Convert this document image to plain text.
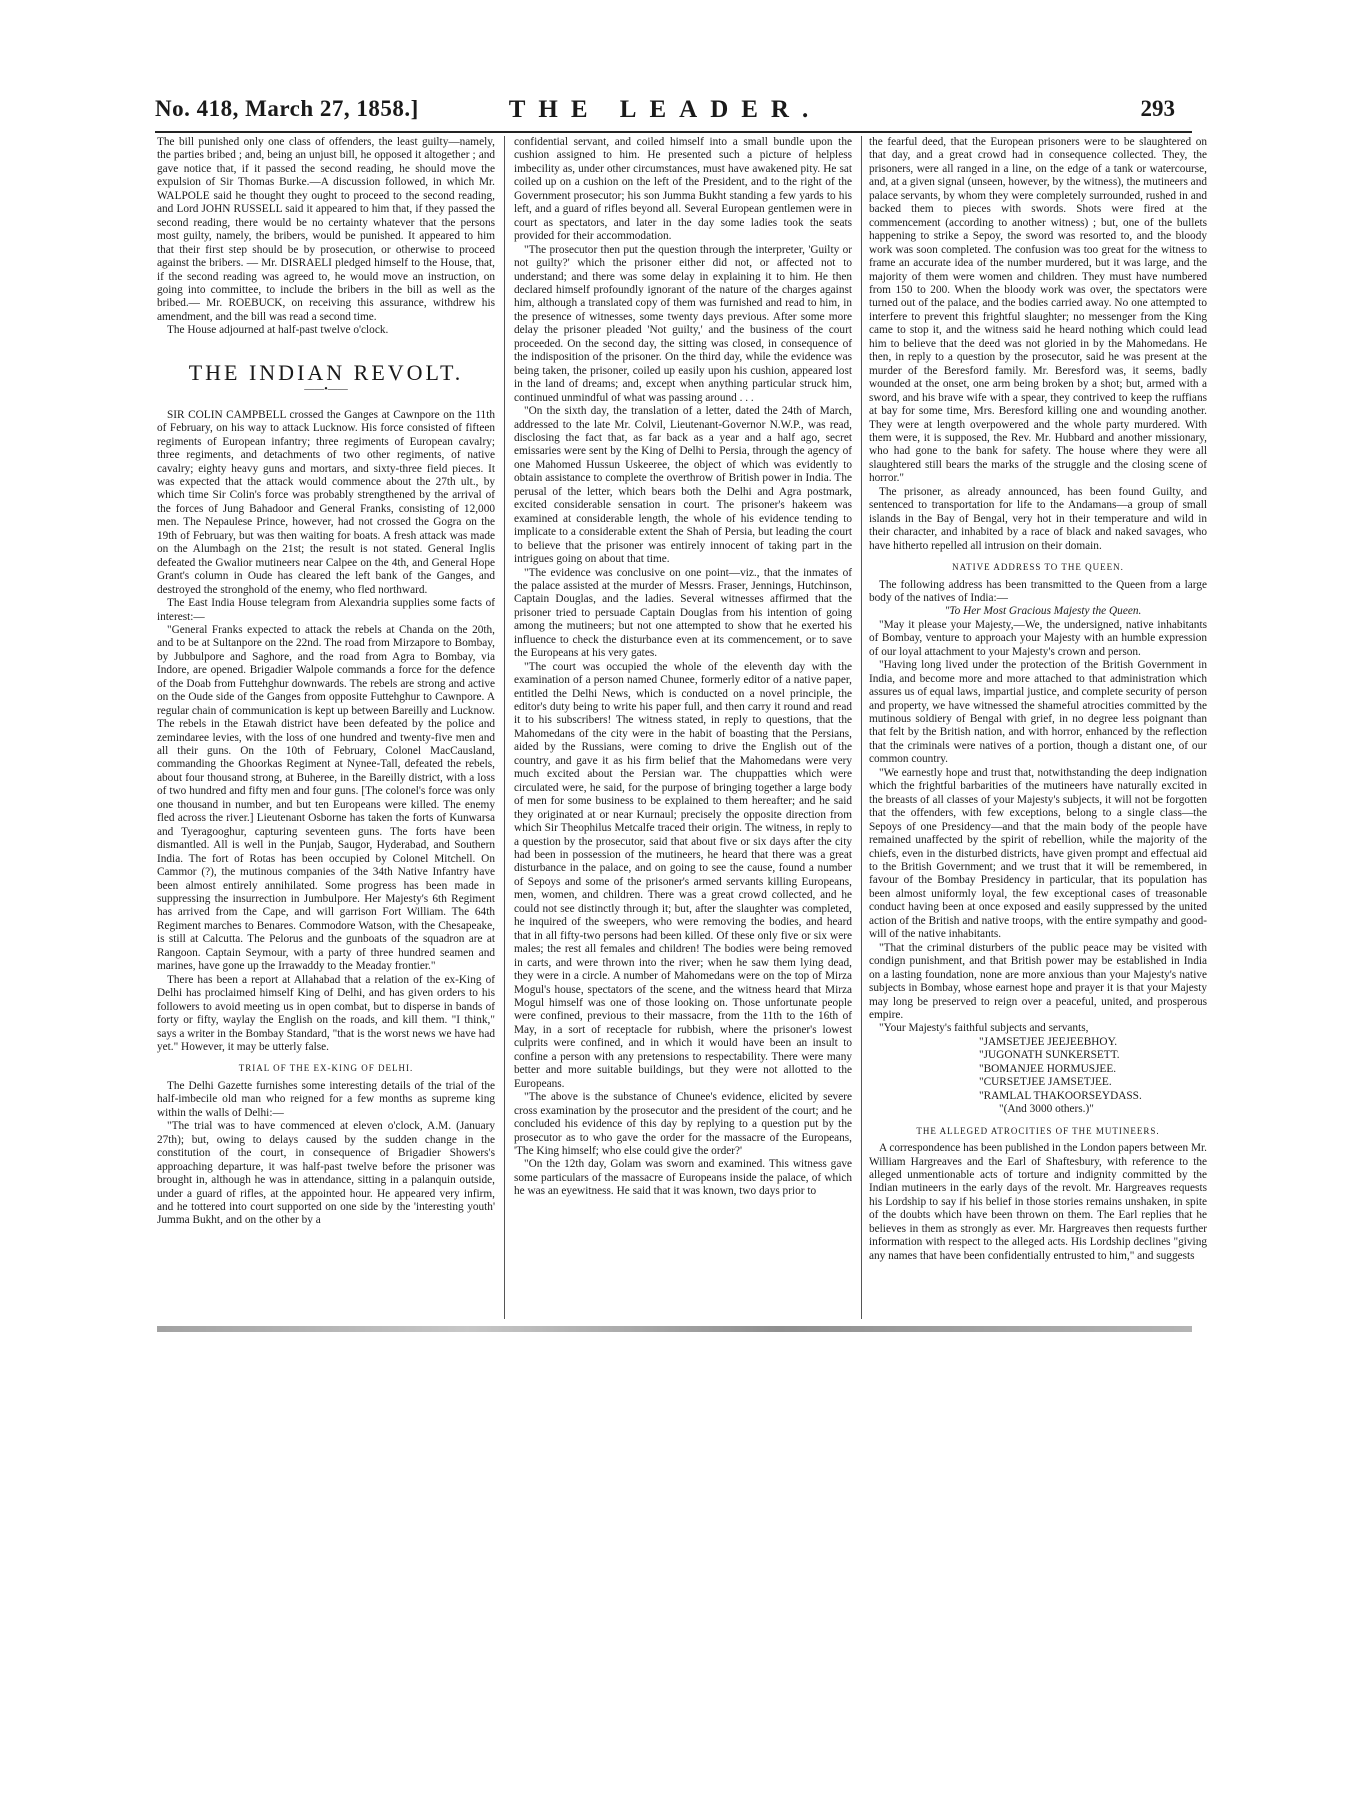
No. 418, March 27, 1858.]	THE LEADER.	293

The bill punished only one class of offenders, the least guilty—namely, the parties bribed ; and, being an unjust bill, he opposed it altogether ; and gave notice that, if it passed the second reading, he should move the expulsion of Sir Thomas Burke.—A discussion followed, in which Mr. WALPOLE said he thought they ought to proceed to the second reading, and Lord JOHN RUSSELL said it appeared to him that, if they passed the second reading, there would be no certainty whatever that the persons most guilty, namely, the bribers, would be punished. It appeared to him that their first step should be by prosecution, or otherwise to proceed against the bribers. — Mr. DISRAELI pledged himself to the House, that, if the second reading was agreed to, he would move an instruction, on going into committee, to include the bribers in the bill as well as the bribed.— Mr. ROEBUCK, on receiving this assurance, withdrew his amendment, and the bill was read a second time.

The House adjourned at half-past twelve o'clock.

THE INDIAN REVOLT.
——•——

SIR COLIN CAMPBELL crossed the Ganges at Cawnpore on the 11th of February, on his way to attack Lucknow. His force consisted of fifteen regiments of European infantry; three regiments of European cavalry; three regiments, and detachments of two other regiments, of native cavalry; eighty heavy guns and mortars, and sixty-three field pieces. It was expected that the attack would commence about the 27th ult., by which time Sir Colin's force was probably strengthened by the arrival of the forces of Jung Bahadoor and General Franks, consisting of 12,000 men. The Nepaulese Prince, however, had not crossed the Gogra on the 19th of February, but was then waiting for boats. A fresh attack was made on the Alumbagh on the 21st; the result is not stated. General Inglis defeated the Gwalior mutineers near Calpee on the 4th, and General Hope Grant's column in Oude has cleared the left bank of the Ganges, and destroyed the stronghold of the enemy, who fled northward.

The East India House telegram from Alexandria supplies some facts of interest:—

"General Franks expected to attack the rebels at Chanda on the 20th, and to be at Sultanpore on the 22nd. The road from Mirzapore to Bombay, by Jubbulpore and Saghore, and the road from Agra to Bombay, via Indore, are opened. Brigadier Walpole commands a force for the defence of the Doab from Futtehghur downwards. The rebels are strong and active on the Oude side of the Ganges from opposite Futtehghur to Cawnpore. A regular chain of communication is kept up between Bareilly and Lucknow. The rebels in the Etawah district have been defeated by the police and zemindaree levies, with the loss of one hundred and twenty-five men and all their guns. On the 10th of February, Colonel MacCausland, commanding the Ghoorkas Regiment at Nynee-Tall, defeated the rebels, about four thousand strong, at Buheree, in the Bareilly district, with a loss of two hundred and fifty men and four guns. [The colonel's force was only one thousand in number, and but ten Europeans were killed. The enemy fled across the river.] Lieutenant Osborne has taken the forts of Kunwarsa and Tyeragooghur, capturing seventeen guns. The forts have been dismantled. All is well in the Punjab, Saugor, Hyderabad, and Southern India. The fort of Rotas has been occupied by Colonel Mitchell. On Cammor (?), the mutinous companies of the 34th Native Infantry have been almost entirely annihilated. Some progress has been made in suppressing the insurrection in Jumbulpore. Her Majesty's 6th Regiment has arrived from the Cape, and will garrison Fort William. The 64th Regiment marches to Benares. Commodore Watson, with the Chesapeake, is still at Calcutta. The Pelorus and the gunboats of the squadron are at Rangoon. Captain Seymour, with a party of three hundred seamen and marines, have gone up the Irrawaddy to the Meaday frontier."

There has been a report at Allahabad that a relation of the ex-King of Delhi has proclaimed himself King of Delhi, and has given orders to his followers to avoid meeting us in open combat, but to disperse in bands of forty or fifty, waylay the English on the roads, and kill them. "I think," says a writer in the Bombay Standard, "that is the worst news we have had yet." However, it may be utterly false.

TRIAL OF THE EX-KING OF DELHI.

The Delhi Gazette furnishes some interesting details of the trial of the half-imbecile old man who reigned for a few months as supreme king within the walls of Delhi:—

"The trial was to have commenced at eleven o'clock, A.M. (January 27th); but, owing to delays caused by the sudden change in the constitution of the court, in consequence of Brigadier Showers's approaching departure, it was half-past twelve before the prisoner was brought in, although he was in attendance, sitting in a palanquin outside, under a guard of rifles, at the appointed hour. He appeared very infirm, and he tottered into court supported on one side by the 'interesting youth' Jumma Bukht, and on the other by a

confidential servant, and coiled himself into a small bundle upon the cushion assigned to him. He presented such a picture of helpless imbecility as, under other circumstances, must have awakened pity. He sat coiled up on a cushion on the left of the President, and to the right of the Government prosecutor; his son Jumma Bukht standing a few yards to his left, and a guard of rifles beyond all. Several European gentlemen were in court as spectators, and later in the day some ladies took the seats provided for their accommodation.

"The prosecutor then put the question through the interpreter, 'Guilty or not guilty?' which the prisoner either did not, or affected not to understand; and there was some delay in explaining it to him. He then declared himself profoundly ignorant of the nature of the charges against him, although a translated copy of them was furnished and read to him, in the presence of witnesses, some twenty days previous. After some more delay the prisoner pleaded 'Not guilty,' and the business of the court proceeded. On the second day, the sitting was closed, in consequence of the indisposition of the prisoner. On the third day, while the evidence was being taken, the prisoner, coiled up easily upon his cushion, appeared lost in the land of dreams; and, except when anything particular struck him, continued unmindful of what was passing around . . .

"On the sixth day, the translation of a letter, dated the 24th of March, addressed to the late Mr. Colvil, Lieutenant-Governor N.W.P., was read, disclosing the fact that, as far back as a year and a half ago, secret emissaries were sent by the King of Delhi to Persia, through the agency of one Mahomed Hussun Uskeeree, the object of which was evidently to obtain assistance to complete the overthrow of British power in India. The perusal of the letter, which bears both the Delhi and Agra postmark, excited considerable sensation in court. The prisoner's hakeem was examined at considerable length, the whole of his evidence tending to implicate to a considerable extent the Shah of Persia, but leading the court to believe that the prisoner was entirely innocent of taking part in the intrigues going on about that time.

"The evidence was conclusive on one point—viz., that the inmates of the palace assisted at the murder of Messrs. Fraser, Jennings, Hutchinson, Captain Douglas, and the ladies. Several witnesses affirmed that the prisoner tried to persuade Captain Douglas from his intention of going among the mutineers; but not one attempted to show that he exerted his influence to check the disturbance even at its commencement, or to save the Europeans at his very gates.

"The court was occupied the whole of the eleventh day with the examination of a person named Chunee, formerly editor of a native paper, entitled the Delhi News, which is conducted on a novel principle, the editor's duty being to write his paper full, and then carry it round and read it to his subscribers! The witness stated, in reply to questions, that the Mahomedans of the city were in the habit of boasting that the Persians, aided by the Russians, were coming to drive the English out of the country, and gave it as his firm belief that the Mahomedans were very much excited about the Persian war. The chuppatties which were circulated were, he said, for the purpose of bringing together a large body of men for some business to be explained to them hereafter; and he said they originated at or near Kurnaul; precisely the opposite direction from which Sir Theophilus Metcalfe traced their origin. The witness, in reply to a question by the prosecutor, said that about five or six days after the city had been in possession of the mutineers, he heard that there was a great disturbance in the palace, and on going to see the cause, found a number of Sepoys and some of the prisoner's armed servants killing Europeans, men, women, and children. There was a great crowd collected, and he could not see distinctly through it; but, after the slaughter was completed, he inquired of the sweepers, who were removing the bodies, and heard that in all fifty-two persons had been killed. Of these only five or six were males; the rest all females and children! The bodies were being removed in carts, and were thrown into the river; when he saw them lying dead, they were in a circle. A number of Mahomedans were on the top of Mirza Mogul's house, spectators of the scene, and the witness heard that Mirza Mogul himself was one of those looking on. Those unfortunate people were confined, previous to their massacre, from the 11th to the 16th of May, in a sort of receptacle for rubbish, where the prisoner's lowest culprits were confined, and in which it would have been an insult to confine a person with any pretensions to respectability. There were many better and more suitable buildings, but they were not allotted to the Europeans.

"The above is the substance of Chunee's evidence, elicited by severe cross examination by the prosecutor and the president of the court; and he concluded his evidence of this day by replying to a question put by the prosecutor as to who gave the order for the massacre of the Europeans, 'The King himself; who else could give the order?'

"On the 12th day, Golam was sworn and examined. This witness gave some particulars of the massacre of Europeans inside the palace, of which he was an eyewitness. He said that it was known, two days prior to

the fearful deed, that the European prisoners were to be slaughtered on that day, and a great crowd had in consequence collected. They, the prisoners, were all ranged in a line, on the edge of a tank or watercourse, and, at a given signal (unseen, however, by the witness), the mutineers and palace servants, by whom they were completely surrounded, rushed in and backed them to pieces with swords. Shots were fired at the commencement (according to another witness) ; but, one of the bullets happening to strike a Sepoy, the sword was resorted to, and the bloody work was soon completed. The confusion was too great for the witness to frame an accurate idea of the number murdered, but it was large, and the majority of them were women and children. They must have numbered from 150 to 200. When the bloody work was over, the spectators were turned out of the palace, and the bodies carried away. No one attempted to interfere to prevent this frightful slaughter; no messenger from the King came to stop it, and the witness said he heard nothing which could lead him to believe that the deed was not gloried in by the Mahomedans. He then, in reply to a question by the prosecutor, said he was present at the murder of the Beresford family. Mr. Beresford was, it seems, badly wounded at the onset, one arm being broken by a shot; but, armed with a sword, and his brave wife with a spear, they contrived to keep the ruffians at bay for some time, Mrs. Beresford killing one and wounding another. They were at length overpowered and the whole party murdered. With them were, it is supposed, the Rev. Mr. Hubbard and another missionary, who had gone to the bank for safety. The house where they were all slaughtered still bears the marks of the struggle and the closing scene of horror."

The prisoner, as already announced, has been found Guilty, and sentenced to transportation for life to the Andamans—a group of small islands in the Bay of Bengal, very hot in their temperature and wild in their character, and inhabited by a race of black and naked savages, who have hitherto repelled all intrusion on their domain.

NATIVE ADDRESS TO THE QUEEN.

The following address has been transmitted to the Queen from a large body of the natives of India:—

"To Her Most Gracious Majesty the Queen.

"May it please your Majesty,—We, the undersigned, native inhabitants of Bombay, venture to approach your Majesty with an humble expression of our loyal attachment to your Majesty's crown and person.

"Having long lived under the protection of the British Government in India, and become more and more attached to that administration which assures us of equal laws, impartial justice, and complete security of person and property, we have witnessed the shameful atrocities committed by the mutinous soldiery of Bengal with grief, in no degree less poignant than that felt by the British nation, and with horror, enhanced by the reflection that the criminals were natives of a portion, though a distant one, of our common country.

"We earnestly hope and trust that, notwithstanding the deep indignation which the frightful barbarities of the mutineers have naturally excited in the breasts of all classes of your Majesty's subjects, it will not be forgotten that the offenders, with few exceptions, belong to a single class—the Sepoys of one Presidency—and that the main body of the people have remained unaffected by the spirit of rebellion, while the majority of the chiefs, even in the disturbed districts, have given prompt and effectual aid to the British Government; and we trust that it will be remembered, in favour of the Bombay Presidency in particular, that its population has been almost uniformly loyal, the few exceptional cases of treasonable conduct having been at once exposed and easily suppressed by the united action of the British and native troops, with the entire sympathy and good-will of the native inhabitants.

"That the criminal disturbers of the public peace may be visited with condign punishment, and that British power may be established in India on a lasting foundation, none are more anxious than your Majesty's native subjects in Bombay, whose earnest hope and prayer it is that your Majesty may long be preserved to reign over a peaceful, united, and prosperous empire.

"Your Majesty's faithful subjects and servants,

"JAMSETJEE JEEJEEBHOY.

"JUGONATH SUNKERSETT.

"BOMANJEE HORMUSJEE.

"CURSETJEE JAMSETJEE.

"RAMLAL THAKOORSEYDASS.

"(And 3000 others.)"

THE ALLEGED ATROCITIES OF THE MUTINEERS.

A correspondence has been published in the London papers between Mr. William Hargreaves and the Earl of Shaftesbury, with reference to the alleged unmentionable acts of torture and indignity committed by the Indian mutineers in the early days of the revolt. Mr. Hargreaves requests his Lordship to say if his belief in those stories remains unshaken, in spite of the doubts which have been thrown on them. The Earl replies that he believes in them as strongly as ever. Mr. Hargreaves then requests further information with respect to the alleged acts. His Lordship declines "giving any names that have been confidentially entrusted to him," and suggests
